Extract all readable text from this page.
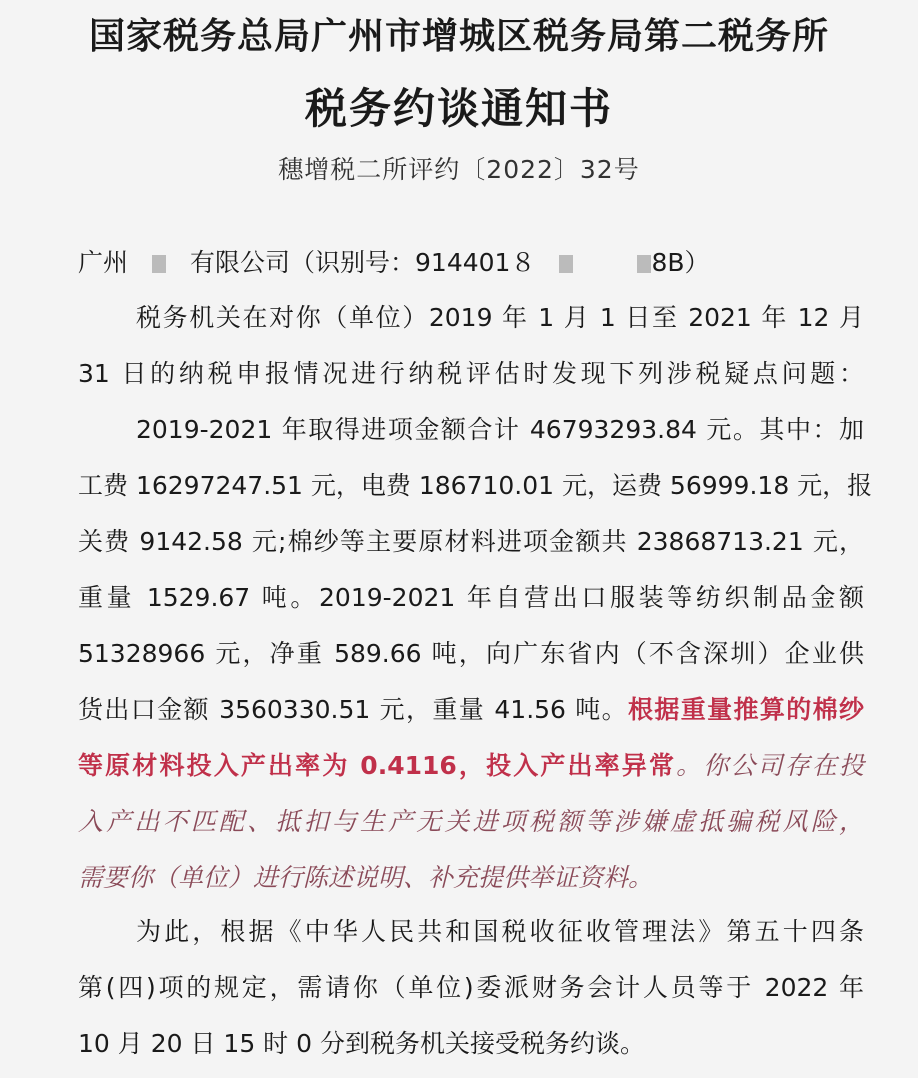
国家税务总局广州市增城区税务局第二税务所
税务约谈通知书
穗增税二所评约〔2022〕32号
广州 有限公司（识别号：914401８	8B）
税务机关在对你（单位）2019 年 1 月 1 日至 2021 年 12 月
31 日的纳税申报情况进行纳税评估时发现下列涉税疑点问题：
2019-2021 年取得进项金额合计 46793293.84 元。其中：加
工费 16297247.51 元，电费 186710.01 元，运费 56999.18 元，报
关费 9142.58 元;棉纱等主要原材料进项金额共 23868713.21 元，
重量 1529.67 吨。2019-2021 年自营出口服装等纺织制品金额
51328966 元，净重 589.66 吨，向广东省内（不含深圳）企业供
货出口金额 3560330.51 元，重量 41.56 吨。根据重量推算的棉纱
等原材料投入产出率为 0.4116，投入产出率异常。你公司存在投
入产出不匹配、抵扣与生产无关进项税额等涉嫌虚抵骗税风险，
需要你（单位）进行陈述说明、补充提供举证资料。
为此，根据《中华人民共和国税收征收管理法》第五十四条
第(四)项的规定，需请你（单位)委派财务会计人员等于 2022 年
10 月 20 日 15 时 0 分到税务机关接受税务约谈。
